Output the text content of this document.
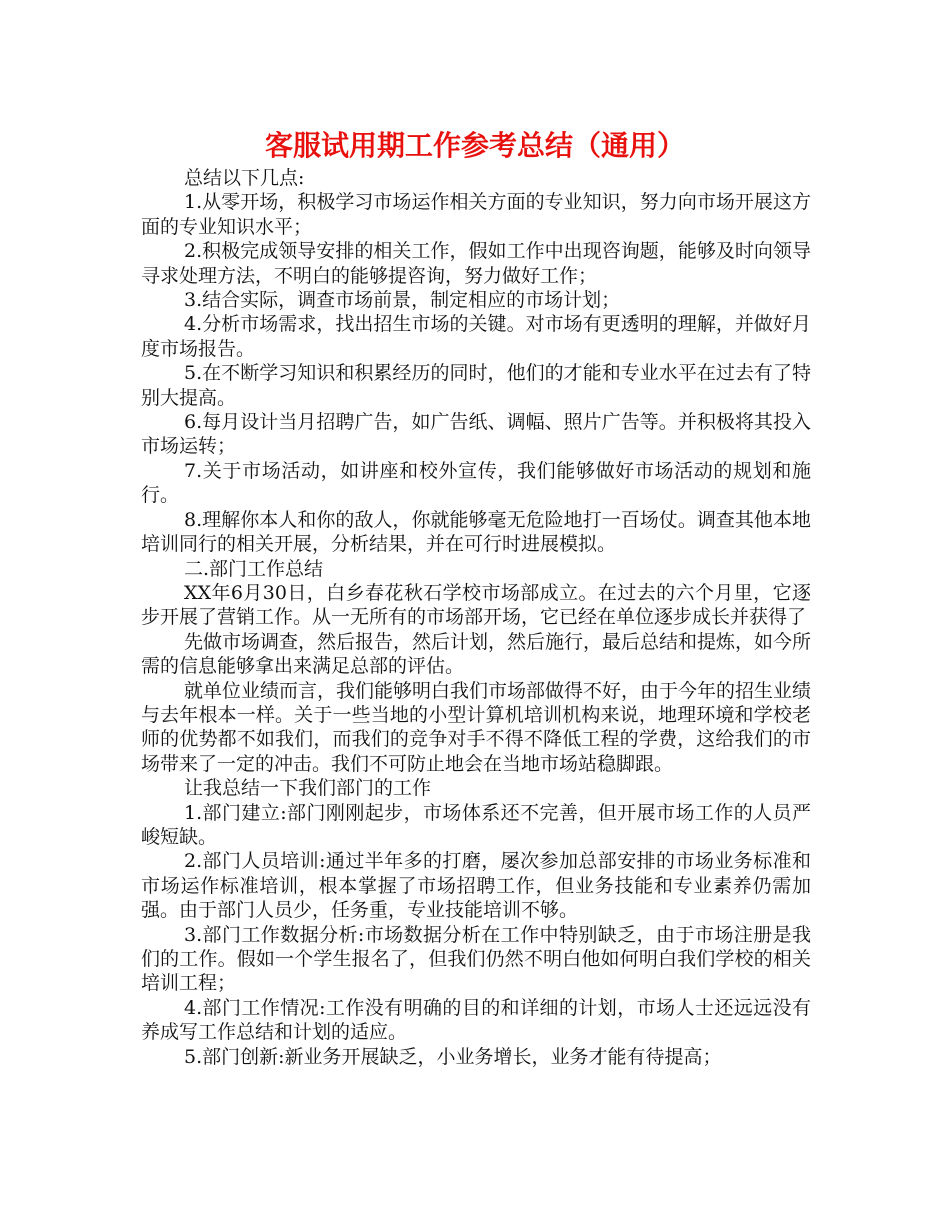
客服试用期工作参考总结（通用）

总结以下几点:

1.从零开场，积极学习市场运作相关方面的专业知识，努力向市场开展这方面的专业知识水平；

2.积极完成领导安排的相关工作，假如工作中出现咨询题，能够及时向领导寻求处理方法，不明白的能够提咨询，努力做好工作；

3.结合实际，调查市场前景，制定相应的市场计划；

4.分析市场需求，找出招生市场的关键。对市场有更透明的理解，并做好月度市场报告。

5.在不断学习知识和积累经历的同时，他们的才能和专业水平在过去有了特别大提高。

6.每月设计当月招聘广告，如广告纸、调幅、照片广告等。并积极将其投入市场运转；

7.关于市场活动，如讲座和校外宣传，我们能够做好市场活动的规划和施行。

8.理解你本人和你的敌人，你就能够毫无危险地打一百场仗。调查其他本地培训同行的相关开展，分析结果，并在可行时进展模拟。

二.部门工作总结

XX年6月30日，白乡春花秋石学校市场部成立。在过去的六个月里，它逐步开展了营销工作。从一无所有的市场部开场，它已经在单位逐步成长并获得了

先做市场调查，然后报告，然后计划，然后施行，最后总结和提炼，如今所需的信息能够拿出来满足总部的评估。

就单位业绩而言，我们能够明白我们市场部做得不好，由于今年的招生业绩与去年根本一样。关于一些当地的小型计算机培训机构来说，地理环境和学校老师的优势都不如我们，而我们的竞争对手不得不降低工程的学费，这给我们的市场带来了一定的冲击。我们不可防止地会在当地市场站稳脚跟。

让我总结一下我们部门的工作

1.部门建立:部门刚刚起步，市场体系还不完善，但开展市场工作的人员严峻短缺。

2.部门人员培训:通过半年多的打磨，屡次参加总部安排的市场业务标准和市场运作标准培训，根本掌握了市场招聘工作，但业务技能和专业素养仍需加强。由于部门人员少，任务重，专业技能培训不够。

3.部门工作数据分析:市场数据分析在工作中特别缺乏，由于市场注册是我们的工作。假如一个学生报名了，但我们仍然不明白他如何明白我们学校的相关培训工程；

4.部门工作情况:工作没有明确的目的和详细的计划，市场人士还远远没有养成写工作总结和计划的适应。

5.部门创新:新业务开展缺乏，小业务增长，业务才能有待提高；
